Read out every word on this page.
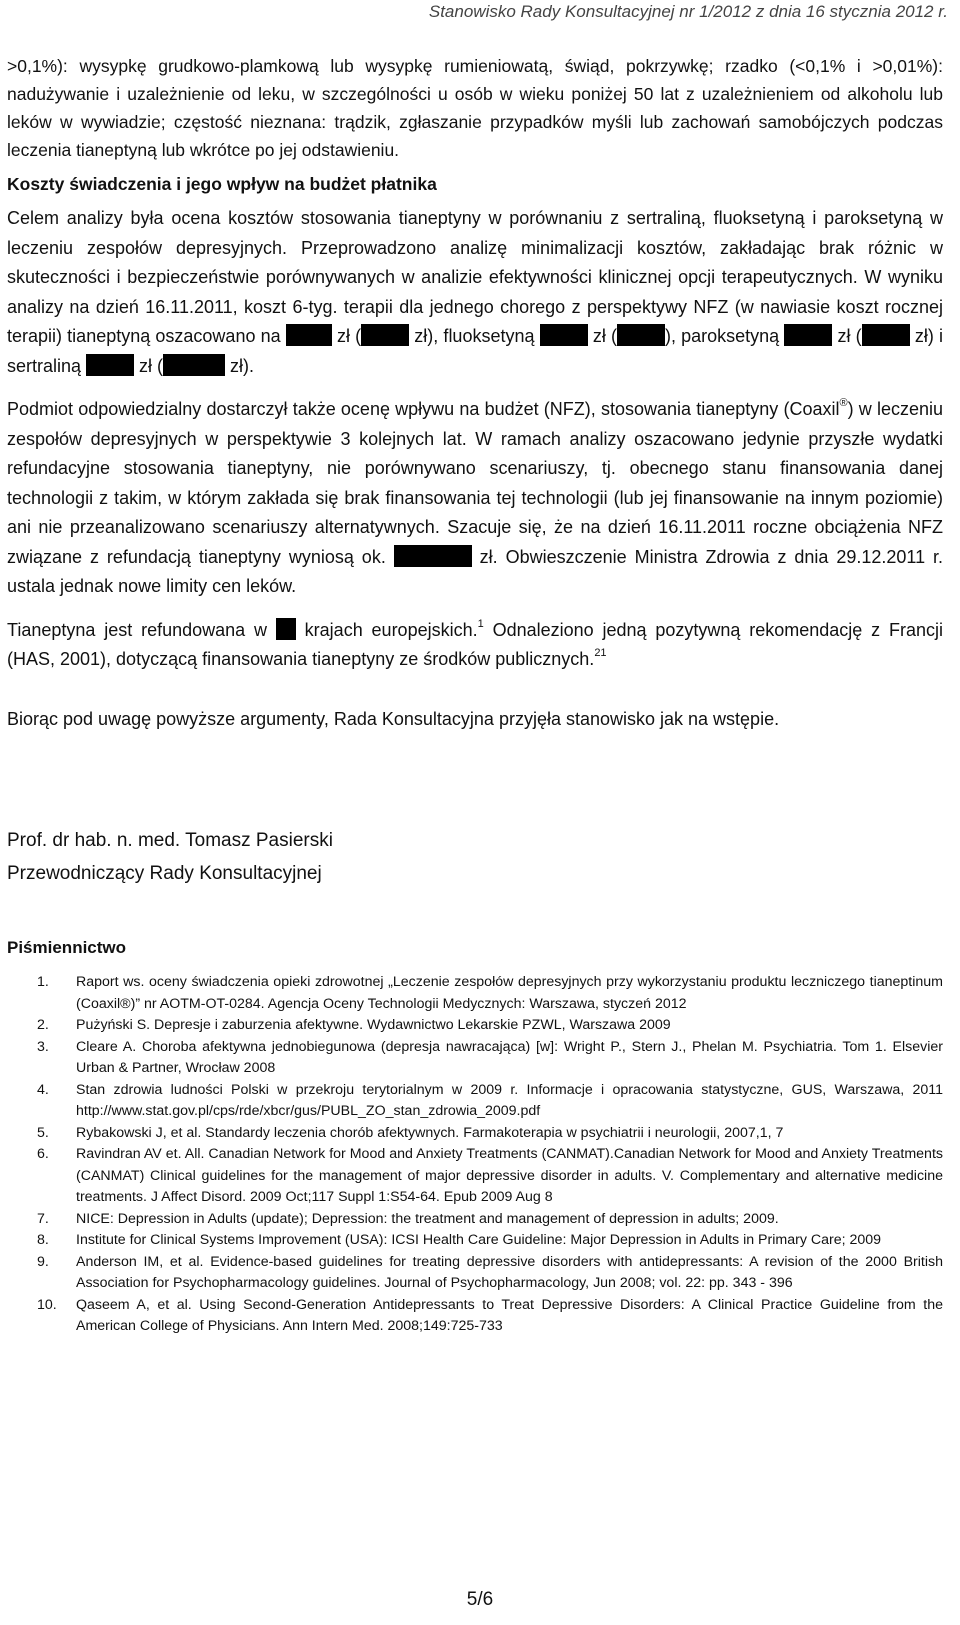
Stanowisko Rady Konsultacyjnej nr 1/2012 z dnia 16 stycznia 2012 r.

>0,1%): wysypkę grudkowo-plamkową lub wysypkę rumieniowatą, świąd, pokrzywkę; rzadko (<0,1% i >0,01%): nadużywanie i uzależnienie od leku, w szczególności u osób w wieku poniżej 50 lat z uzależnieniem od alkoholu lub leków w wywiadzie; częstość nieznana: trądzik, zgłaszanie przypadków myśli lub zachowań samobójczych podczas leczenia tianeptyną lub wkrótce po jej odstawieniu.

Koszty świadczenia i jego wpływ na budżet płatnika

Celem analizy była ocena kosztów stosowania tianeptyny w porównaniu z sertraliną, fluoksetyną i paroksetyną w leczeniu zespołów depresyjnych. Przeprowadzono analizę minimalizacji kosztów, zakładając brak różnic w skuteczności i bezpieczeństwie porównywanych w analizie efektywności klinicznej opcji terapeutycznych. W wyniku analizy na dzień 16.11.2011, koszt 6-tyg. terapii dla jednego chorego z perspektywy NFZ (w nawiasie koszt rocznej terapii) tianeptyną oszacowano na	zł (	zł), fluoksetyną	zł (	), paroksetyną	zł (	zł) i sertraliną	zł (	zł).

Podmiot odpowiedzialny dostarczył także ocenę wpływu na budżet (NFZ), stosowania tianeptyny (Coaxil®) w leczeniu zespołów depresyjnych w perspektywie 3 kolejnych lat. W ramach analizy oszacowano jedynie przyszłe wydatki refundacyjne stosowania tianeptyny, nie porównywano scenariuszy, tj. obecnego stanu finansowania danej technologii z takim, w którym zakłada się brak finansowania tej technologii (lub jej finansowanie na innym poziomie) ani nie przeanalizowano scenariuszy alternatywnych. Szacuje się, że na dzień 16.11.2011 roczne obciążenia NFZ związane z refundacją tianeptyny wyniosą ok.	zł. Obwieszczenie Ministra Zdrowia z dnia 29.12.2011 r. ustala jednak nowe limity cen leków.

Tianeptyna jest refundowana w  krajach europejskich.$^1$ Odnaleziono jedną pozytywną rekomendację z Francji (HAS, 2001), dotyczącą finansowania tianeptyny ze środków publicznych.$^{21}$

Biorąc pod uwagę powyższe argumenty, Rada Konsultacyjna przyjęła stanowisko jak na wstępie.

Prof. dr hab. n. med. Tomasz Pasierski
Przewodniczący Rady Konsultacyjnej
Piśmiennictwo
1. Raport ws. oceny świadczenia opieki zdrowotnej „Leczenie zespołów depresyjnych przy wykorzystaniu produktu leczniczego tianeptinum (Coaxil®)” nr AOTM-OT-0284. Agencja Oceny Technologii Medycznych: Warszawa, styczeń 2012
2. Pużyński S. Depresje i zaburzenia afektywne. Wydawnictwo Lekarskie PZWL, Warszawa 2009
3. Cleare A. Choroba afektywna jednobiegunowa (depresja nawracająca) [w]: Wright P., Stern J., Phelan M. Psychiatria. Tom 1. Elsevier Urban & Partner, Wrocław 2008
4. Stan zdrowia ludności Polski w przekroju terytorialnym w 2009 r. Informacje i opracowania statystyczne, GUS, Warszawa, 2011 http://www.stat.gov.pl/cps/rde/xbcr/gus/PUBL_ZO_stan_zdrowia_2009.pdf
5. Rybakowski J, et al. Standardy leczenia chorób afektywnych. Farmakoterapia w psychiatrii i neurologii, 2007,1, 7
6. Ravindran AV et. All. Canadian Network for Mood and Anxiety Treatments (CANMAT).Canadian Network for Mood and Anxiety Treatments (CANMAT) Clinical guidelines for the management of major depressive disorder in adults. V. Complementary and alternative medicine treatments. J Affect Disord. 2009 Oct;117 Suppl 1:S54-64. Epub 2009 Aug 8
7. NICE: Depression in Adults (update); Depression: the treatment and management of depression in adults; 2009.
8. Institute for Clinical Systems Improvement (USA): ICSI Health Care Guideline: Major Depression in Adults in Primary Care; 2009
9. Anderson IM, et al. Evidence-based guidelines for treating depressive disorders with antidepressants: A revision of the 2000 British Association for Psychopharmacology guidelines. Journal of Psychopharmacology, Jun 2008; vol. 22: pp. 343 - 396
10. Qaseem A, et al. Using Second-Generation Antidepressants to Treat Depressive Disorders: A Clinical Practice Guideline from the American College of Physicians. Ann Intern Med. 2008;149:725-733
5/6
